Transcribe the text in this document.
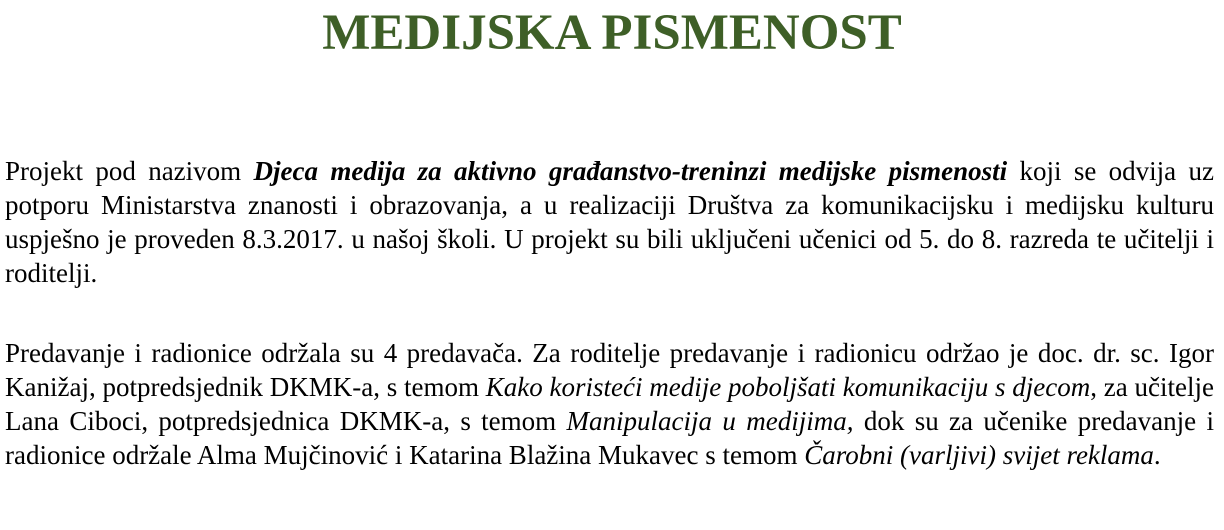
MEDIJSKA PISMENOST

Projekt pod nazivom Djeca medija za aktivno građanstvo-treninzi medijske pismenosti koji se odvija uz potporu Ministarstva znanosti i obrazovanja, a u realizaciji Društva za komunikacijsku i medijsku kulturu uspješno je proveden 8.3.2017. u našoj školi. U projekt su bili uključeni učenici od 5. do 8. razreda te učitelji i roditelji.

Predavanje i radionice održala su 4 predavača. Za roditelje predavanje i radionicu održao je doc. dr. sc. Igor Kanižaj, potpredsjednik DKMK-a, s temom Kako koristeći medije poboljšati komunikaciju s djecom, za učitelje Lana Ciboci, potpredsjednica DKMK-a, s temom Manipulacija u medijima, dok su za učenike predavanje i radionice održale Alma Mujčinović i Katarina Blažina Mukavec s temom Čarobni (varljivi) svijet reklama.
